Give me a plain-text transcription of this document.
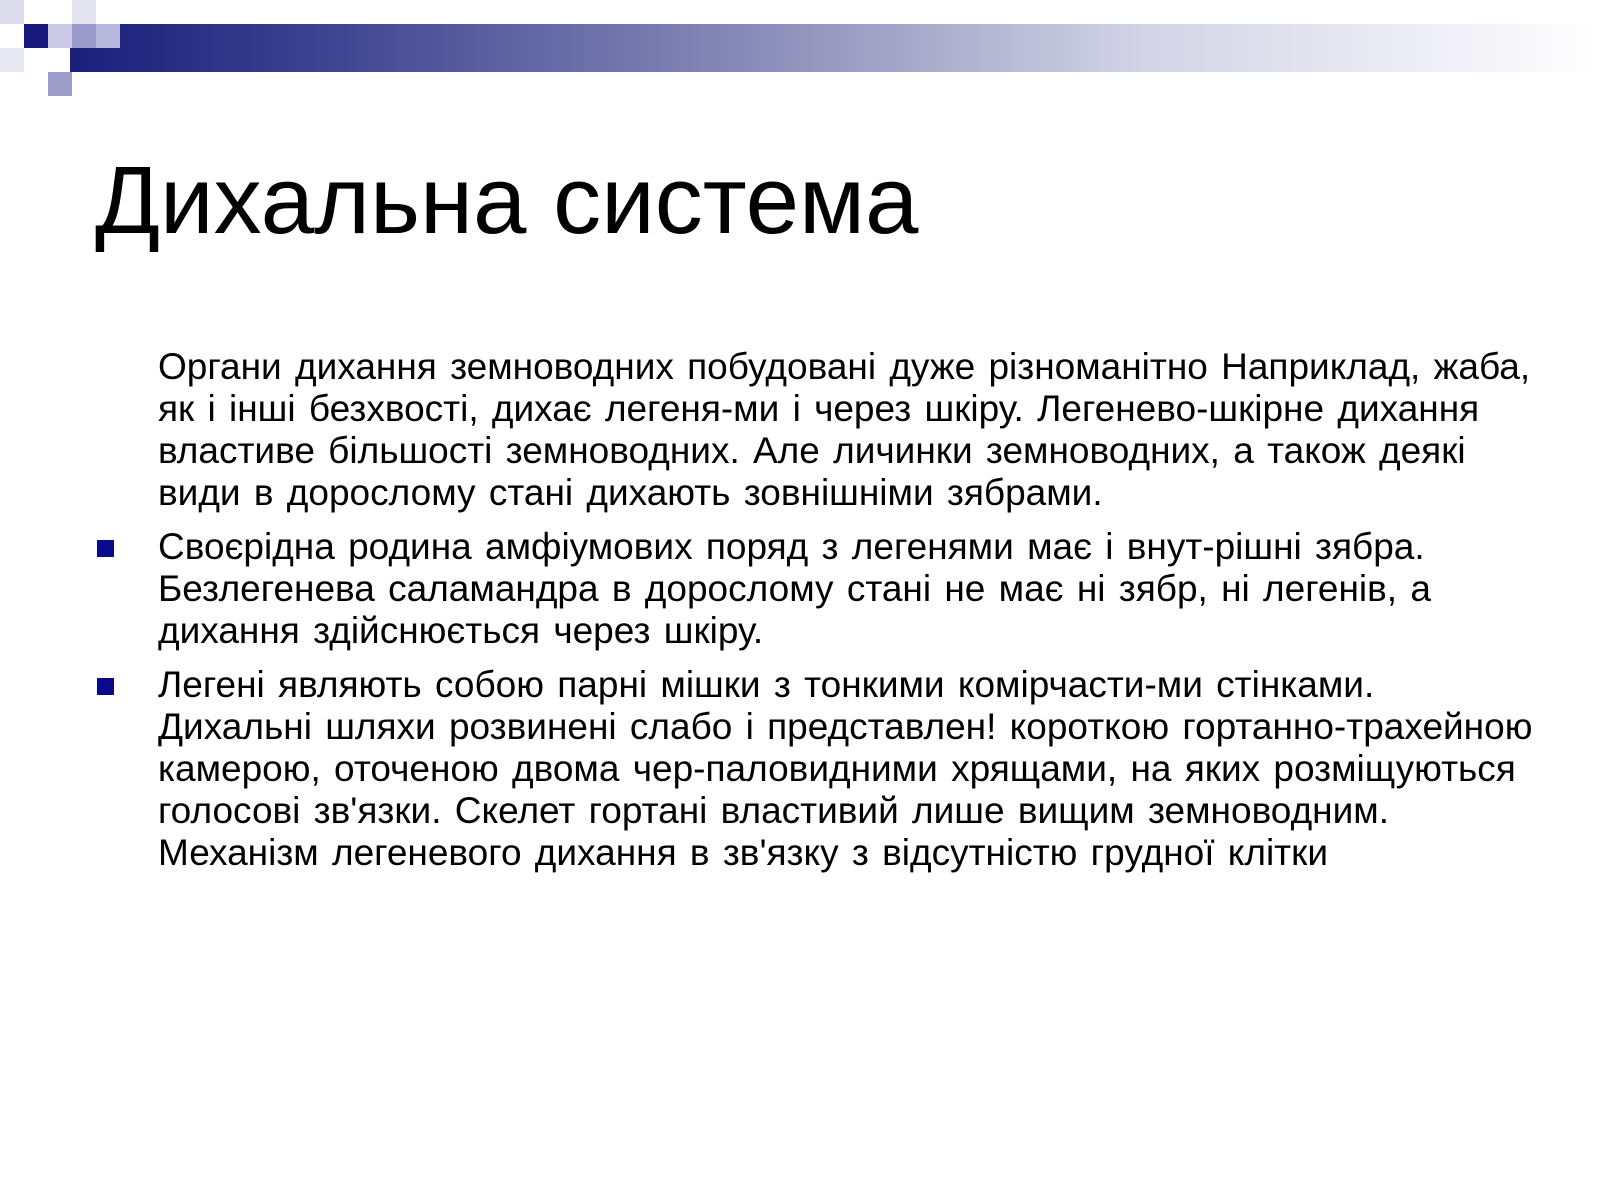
Дихальна система
Органи дихання земноводних побудовані дуже різноманітно Наприклад, жаба, як і інші безхвості, дихає легеня-ми і через шкіру. Легенево-шкірне дихання властиве більшості земноводних. Але личинки земноводних, а також деякі види в дорослому стані дихають зовнішніми зябрами.
Своєрідна родина амфіумових поряд з легенями має і внут-рішні зябра. Безлегенева саламандра в дорослому стані не має ні зябр, ні легенів, а дихання здійснюється через шкіру.
Легені являють собою парні мішки з тонкими комірчасти-ми стінками. Дихальні шляхи розвинені слабо і представлен! короткою гортанно-трахейною камерою, оточеною двома чер-паловидними хрящами, на яких розміщуються голосові зв'язки. Скелет гортані властивий лише вищим земноводним. Механізм легеневого дихання в зв'язку з відсутністю грудної клітки
